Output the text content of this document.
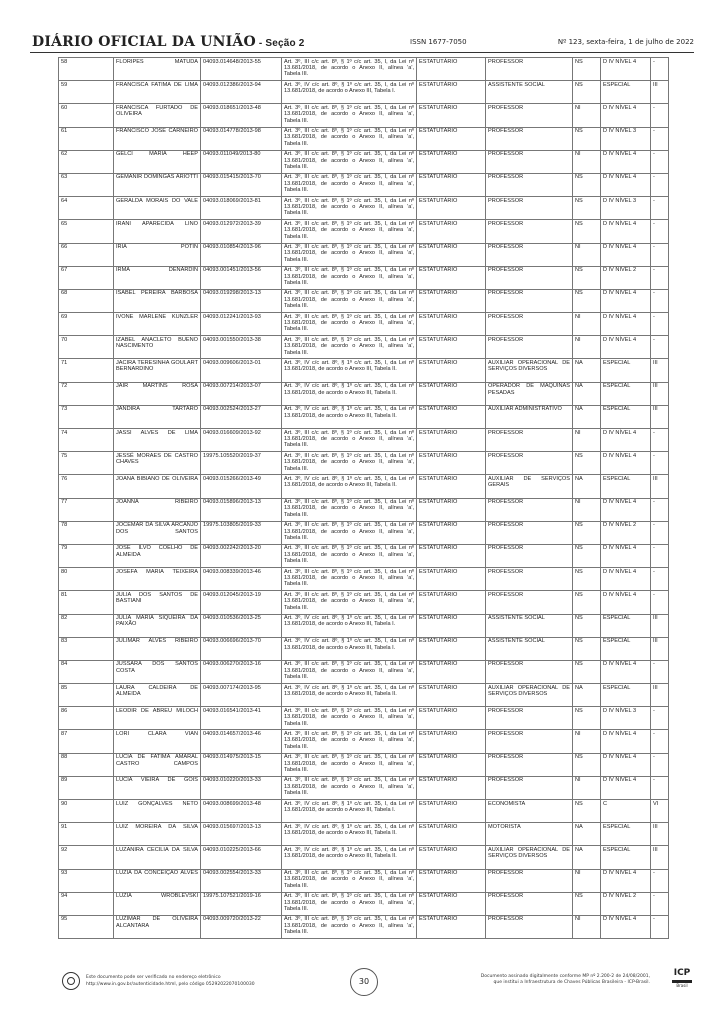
DIÁRIO OFICIAL DA UNIÃO - Seção 2	ISSN 1677-7050	Nº 123, sexta-feira, 1 de julho de 2022
58	FLORIPES MATUDA	04093.014648/2013-55	Art. 3º, III c/c art. 8º, § 1º c/c art. 35, I, da Lei nº 13.681/2018, de acordo o Anexo II, alínea 'a', Tabela III.	ESTATUTÁRIO	PROFESSOR	NS	D IV NÍVEL 4	-
59	FRANCISCA FATIMA DE LIMA	04093.012386/2013-94	Art. 3º, IV c/c art. 8º, § 1º c/c art. 35, I, da Lei nº 13.681/2018, de acordo o Anexo III, Tabela I.	ESTATUTÁRIO	ASSISTENTE SOCIAL	NS	ESPECIAL	III
60	FRANCISCA FURTADO DE OLIVEIRA	04093.018651/2013-48	Art. 3º, III c/c art. 8º, § 1º c/c art. 35, I, da Lei nº 13.681/2018, de acordo o Anexo II, alínea 'a', Tabela III.	ESTATUTÁRIO	PROFESSOR	NI	D IV NÍVEL 4	-
61	FRANCISCO JOSÉ CARNEIRO	04093.014778/2013-98	Art. 3º, III c/c art. 8º, § 1º c/c art. 35, I, da Lei nº 13.681/2018, de acordo o Anexo II, alínea 'a', Tabela III.	ESTATUTÁRIO	PROFESSOR	NS	D IV NÍVEL 3	-
62	GELCI MARIA HEEP	04093.011049/2013-80	Art. 3º, III c/c art. 8º, § 1º c/c art. 35, I, da Lei nº 13.681/2018, de acordo o Anexo II, alínea 'a', Tabela III.	ESTATUTÁRIO	PROFESSOR	NI	D IV NÍVEL 4	-
63	GEMANIR DOMINGAS ARIOTTI	04093.015415/2013-70	Art. 3º, III c/c art. 8º, § 1º c/c art. 35, I, da Lei nº 13.681/2018, de acordo o Anexo II, alínea 'a', Tabela III.	ESTATUTÁRIO	PROFESSOR	NS	D IV NÍVEL 4	-
64	GERALDA MORAIS DO VALE	04093.018069/2013-81	Art. 3º, III c/c art. 8º, § 1º c/c art. 35, I, da Lei nº 13.681/2018, de acordo o Anexo II, alínea 'a', Tabela III.	ESTATUTÁRIO	PROFESSOR	NS	D IV NÍVEL 3	-
65	IRANI APARECIDA LINO	04093.012972/2013-39	Art. 3º, III c/c art. 8º, § 1º c/c art. 35, I, da Lei nº 13.681/2018, de acordo o Anexo II, alínea 'a', Tabela III.	ESTATUTÁRIO	PROFESSOR	NS	D IV NÍVEL 4	-
66	IRIA POTIN	04093.010854/2013-96	Art. 3º, III c/c art. 8º, § 1º c/c art. 35, I, da Lei nº 13.681/2018, de acordo o Anexo II, alínea 'a', Tabela III.	ESTATUTÁRIO	PROFESSOR	NI	D IV NÍVEL 4	-
67	IRMA DENARDIN	04093.001451/2013-56	Art. 3º, III c/c art. 8º, § 1º c/c art. 35, I, da Lei nº 13.681/2018, de acordo o Anexo II, alínea 'a', Tabela III.	ESTATUTÁRIO	PROFESSOR	NS	D IV NÍVEL 2	-
68	ISABEL PEREIRA BARBOSA	04093.019298/2013-13	Art. 3º, III c/c art. 8º, § 1º c/c art. 35, I, da Lei nº 13.681/2018, de acordo o Anexo II, alínea 'a', Tabela III.	ESTATUTÁRIO	PROFESSOR	NS	D IV NÍVEL 4	-
69	IVONE MARLENE KUNZLER	04093.012241/2013-93	Art. 3º, III c/c art. 8º, § 1º c/c art. 35, I, da Lei nº 13.681/2018, de acordo o Anexo II, alínea 'a', Tabela III.	ESTATUTÁRIO	PROFESSOR	NI	D IV NÍVEL 4	-
70	IZABEL ANACLETO BUENO NASCIMENTO	04093.001550/2013-38	Art. 3º, III c/c art. 8º, § 1º c/c art. 35, I, da Lei nº 13.681/2018, de acordo o Anexo II, alínea 'a', Tabela III.	ESTATUTÁRIO	PROFESSOR	NI	D IV NÍVEL 4	-
71	JACIRA TERESINHA GOULART BERNARDINO	04093.009606/2013-01	Art. 3º, IV c/c art. 8º, § 1º c/c art. 35, I, da Lei nº 13.681/2018, de acordo o Anexo III, Tabela II.	ESTATUTÁRIO	AUXILIAR OPERACIONAL DE SERVIÇOS DIVERSOS	NA	ESPECIAL	III
72	JAIR MARTINS ROSA	04093.007214/2013-07	Art. 3º, IV c/c art. 8º, § 1º c/c art. 35, I, da Lei nº 13.681/2018, de acordo o Anexo III, Tabela II.	ESTATUTÁRIO	OPERADOR DE MÁQUINAS PESADAS	NA	ESPECIAL	III
73	JANDIRA TARTARO	04093.002524/2013-27	Art. 3º, IV c/c art. 8º, § 1º c/c art. 35, I, da Lei nº 13.681/2018, de acordo o Anexo III, Tabela II.	ESTATUTÁRIO	AUXILIAR ADMINISTRATIVO	NA	ESPECIAL	III
74	JASSI ALVES DE LIMA	04093.016609/2013-92	Art. 3º, III c/c art. 8º, § 1º c/c art. 35, I, da Lei nº 13.681/2018, de acordo o Anexo II, alínea 'a', Tabela III.	ESTATUTÁRIO	PROFESSOR	NI	D IV NÍVEL 4	-
75	JESSÉ MORAES DE CASTRO CHAVES	19975.105520/2019-37	Art. 3º, III c/c art. 8º, § 1º c/c art. 35, I, da Lei nº 13.681/2018, de acordo o Anexo II, alínea 'a', Tabela III.	ESTATUTÁRIO	PROFESSOR	NS	D IV NÍVEL 4	-
76	JOANA BIBIANO DE OLIVEIRA	04093.015266/2013-49	Art. 3º, IV c/c art. 8º, § 1º c/c art. 35, I, da Lei nº 13.681/2018, de acordo o Anexo III, Tabela II.	ESTATUTÁRIO	AUXILIAR DE SERVIÇOS GERAIS	NA	ESPECIAL	III
77	JOANNA RIBEIRO	04093.015896/2013-13	Art. 3º, III c/c art. 8º, § 1º c/c art. 35, I, da Lei nº 13.681/2018, de acordo o Anexo II, alínea 'a', Tabela III.	ESTATUTÁRIO	PROFESSOR	NI	D IV NÍVEL 4	-
78	JOCEMAR DA SILVA ARCANJO DOS SANTOS	19975.103805/2019-33	Art. 3º, III c/c art. 8º, § 1º c/c art. 35, I, da Lei nº 13.681/2018, de acordo o Anexo II, alínea 'a', Tabela III.	ESTATUTÁRIO	PROFESSOR	NS	D IV NÍVEL 2	-
79	JOSE ILVO COELHO DE ALMEIDA	04093.002242/2013-20	Art. 3º, III c/c art. 8º, § 1º c/c art. 35, I, da Lei nº 13.681/2018, de acordo o Anexo II, alínea 'a', Tabela III.	ESTATUTÁRIO	PROFESSOR	NS	D IV NÍVEL 4	-
80	JOSEFA MARIA TEIXEIRA	04093.008339/2013-46	Art. 3º, III c/c art. 8º, § 1º c/c art. 35, I, da Lei nº 13.681/2018, de acordo o Anexo II, alínea 'a', Tabela III.	ESTATUTÁRIO	PROFESSOR	NS	D IV NÍVEL 4	-
81	JULIA DOS SANTOS DE BASTIANI	04093.012045/2013-19	Art. 3º, III c/c art. 8º, § 1º c/c art. 35, I, da Lei nº 13.681/2018, de acordo o Anexo II, alínea 'a', Tabela III.	ESTATUTÁRIO	PROFESSOR	NS	D IV NÍVEL 4	-
82	JULIA MARIA SIQUEIRA DA PAIXÃO	04093.010536/2013-25	Art. 3º, IV c/c art. 8º, § 1º c/c art. 35, I, da Lei nº 13.681/2018, de acordo o Anexo III, Tabela I.	ESTATUTÁRIO	ASSISTENTE SOCIAL	NS	ESPECIAL	III
83	JULIMAR ALVES RIBEIRO	04093.006696/2013-70	Art. 3º, IV c/c art. 8º, § 1º c/c art. 35, I, da Lei nº 13.681/2018, de acordo o Anexo III, Tabela I.	ESTATUTÁRIO	ASSISTENTE SOCIAL	NS	ESPECIAL	III
84	JUSSARA DOS SANTOS COSTA	04093.006270/2013-16	Art. 3º, III c/c art. 8º, § 1º c/c art. 35, I, da Lei nº 13.681/2018, de acordo o Anexo II, alínea 'a', Tabela III.	ESTATUTÁRIO	PROFESSOR	NS	D IV NÍVEL 4	-
85	LAURA CALDEIRA DE ALMEIDA	04093.007174/2013-95	Art. 3º, IV c/c art. 8º, § 1º c/c art. 35, I, da Lei nº 13.681/2018, de acordo o Anexo III, Tabela II.	ESTATUTÁRIO	AUXILIAR OPERACIONAL DE SERVIÇOS DIVERSOS	NA	ESPECIAL	III
86	LEODIR DE ABREU MILOCH	04093.016541/2013-41	Art. 3º, III c/c art. 8º, § 1º c/c art. 35, I, da Lei nº 13.681/2018, de acordo o Anexo II, alínea 'a', Tabela III.	ESTATUTÁRIO	PROFESSOR	NS	D IV NÍVEL 3	-
87	LORI CLARA VIAN	04093.014657/2013-46	Art. 3º, III c/c art. 8º, § 1º c/c art. 35, I, da Lei nº 13.681/2018, de acordo o Anexo II, alínea 'a', Tabela III.	ESTATUTÁRIO	PROFESSOR	NI	D IV NÍVEL 4	-
88	LUCIA DE FATIMA AMARAL CASTRO CAMPOS	04093.014975/2013-15	Art. 3º, III c/c art. 8º, § 1º c/c art. 35, I, da Lei nº 13.681/2018, de acordo o Anexo II, alínea 'a', Tabela III.	ESTATUTÁRIO	PROFESSOR	NS	D IV NÍVEL 4	-
89	LUCIA VIEIRA DE GOIS	04093.010220/2013-33	Art. 3º, III c/c art. 8º, § 1º c/c art. 35, I, da Lei nº 13.681/2018, de acordo o Anexo II, alínea 'a', Tabela III.	ESTATUTÁRIO	PROFESSOR	NI	D IV NÍVEL 4	-
90	LUIZ GONÇALVES NETO	04093.008699/2013-48	Art. 3º, IV c/c art. 8º, § 1º c/c art. 35, I, da Lei nº 13.681/2018, de acordo o Anexo III, Tabela I.	ESTATUTÁRIO	ECONOMISTA	NS	C	VI
91	LUIZ MOREIRA DA SILVA	04093.015697/2013-13	Art. 3º, IV c/c art. 8º, § 1º c/c art. 35, I, da Lei nº 13.681/2018, de acordo o Anexo III, Tabela II.	ESTATUTÁRIO	MOTORISTA	NA	ESPECIAL	III
92	LUZANIRA CECILIA DA SILVA	04093.010225/2013-66	Art. 3º, IV c/c art. 8º, § 1º c/c art. 35, I, da Lei nº 13.681/2018, de acordo o Anexo III, Tabela II.	ESTATUTÁRIO	AUXILIAR OPERACIONAL DE SERVIÇOS DIVERSOS	NA	ESPECIAL	III
93	LUZIA DA CONCEIÇÃO ALVES	04093.002554/2013-33	Art. 3º, III c/c art. 8º, § 1º c/c art. 35, I, da Lei nº 13.681/2018, de acordo o Anexo II, alínea 'a', Tabela III.	ESTATUTÁRIO	PROFESSOR	NI	D IV NÍVEL 4	-
94	LUZIA WROBLEVSKI	19975.107521/2019-16	Art. 3º, III c/c art. 8º, § 1º c/c art. 35, I, da Lei nº 13.681/2018, de acordo o Anexo II, alínea 'a', Tabela III.	ESTATUTÁRIO	PROFESSOR	NS	D IV NÍVEL 2	-
95	LUZIMAR DE OLIVEIRA ALCANTARA	04093.009720/2013-22	Art. 3º, III c/c art. 8º, § 1º c/c art. 35, I, da Lei nº 13.681/2018, de acordo o Anexo II, alínea 'a', Tabela III.	ESTATUTÁRIO	PROFESSOR	NI	D IV NÍVEL 4	-
Este documento pode ser verificado no endereço eletrônico
http://www.in.gov.br/autenticidade.html, pelo código 05292022070100030	30
Documento assinado digitalmente conforme MP nº 2.200-2 de 24/08/2001,
que institui a Infraestrutura de Chaves Públicas Brasileira - ICP-Brasil.
ICP
Brasil
